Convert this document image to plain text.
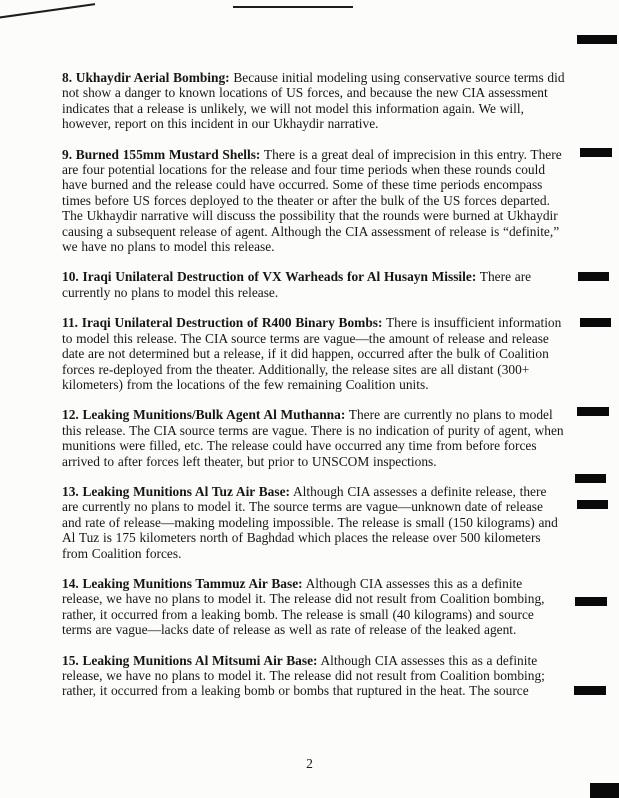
8. Ukhaydir Aerial Bombing: Because initial modeling using conservative source terms did not show a danger to known locations of US forces, and because the new CIA assessment indicates that a release is unlikely, we will not model this information again. We will, however, report on this incident in our Ukhaydir narrative.

9. Burned 155mm Mustard Shells: There is a great deal of imprecision in this entry. There are four potential locations for the release and four time periods when these rounds could have burned and the release could have occurred. Some of these time periods encompass times before US forces deployed to the theater or after the bulk of the US forces departed. The Ukhaydir narrative will discuss the possibility that the rounds were burned at Ukhaydir causing a subsequent release of agent. Although the CIA assessment of release is “definite,” we have no plans to model this release.

10. Iraqi Unilateral Destruction of VX Warheads for Al Husayn Missile: There are currently no plans to model this release.

11. Iraqi Unilateral Destruction of R400 Binary Bombs: There is insufficient information to model this release. The CIA source terms are vague—the amount of release and release date are not determined but a release, if it did happen, occurred after the bulk of Coalition forces re-deployed from the theater. Additionally, the release sites are all distant (300+ kilometers) from the locations of the few remaining Coalition units.

12. Leaking Munitions/Bulk Agent Al Muthanna: There are currently no plans to model this release. The CIA source terms are vague. There is no indication of purity of agent, when munitions were filled, etc. The release could have occurred any time from before forces arrived to after forces left theater, but prior to UNSCOM inspections.

13. Leaking Munitions Al Tuz Air Base: Although CIA assesses a definite release, there are currently no plans to model it. The source terms are vague—unknown date of release and rate of release—making modeling impossible. The release is small (150 kilograms) and Al Tuz is 175 kilometers north of Baghdad which places the release over 500 kilometers from Coalition forces.

14. Leaking Munitions Tammuz Air Base: Although CIA assesses this as a definite release, we have no plans to model it. The release did not result from Coalition bombing, rather, it occurred from a leaking bomb. The release is small (40 kilograms) and source terms are vague—lacks date of release as well as rate of release of the leaked agent.

15. Leaking Munitions Al Mitsumi Air Base: Although CIA assesses this as a definite release, we have no plans to model it. The release did not result from Coalition bombing; rather, it occurred from a leaking bomb or bombs that ruptured in the heat. The source

2
